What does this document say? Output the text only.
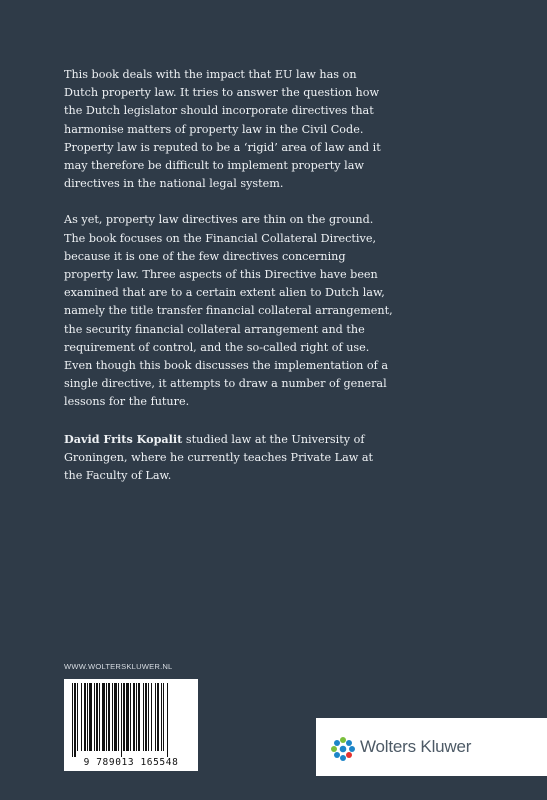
This book deals with the impact that EU law has on Dutch property law. It tries to answer the question how the Dutch legislator should incorporate directives that harmonise matters of property law in the Civil Code. Property law is reputed to be a ‘rigid’ area of law and it may therefore be difficult to implement property law directives in the national legal system.

As yet, property law directives are thin on the ground. The book focuses on the Financial Collateral Directive, because it is one of the few directives concerning property law. Three aspects of this Directive have been examined that are to a certain extent alien to Dutch law, namely the title transfer financial collateral arrangement, the security financial collateral arrangement and the requirement of control, and the so-called right of use. Even though this book discusses the implementation of a single directive, it attempts to draw a number of general lessons for the future.

David Frits Kopalit studied law at the University of Groningen, where he currently teaches Private Law at the Faculty of Law.

WWW.WOLTERSKLUWER.NL
9 789013 165548
Wolters Kluwer
